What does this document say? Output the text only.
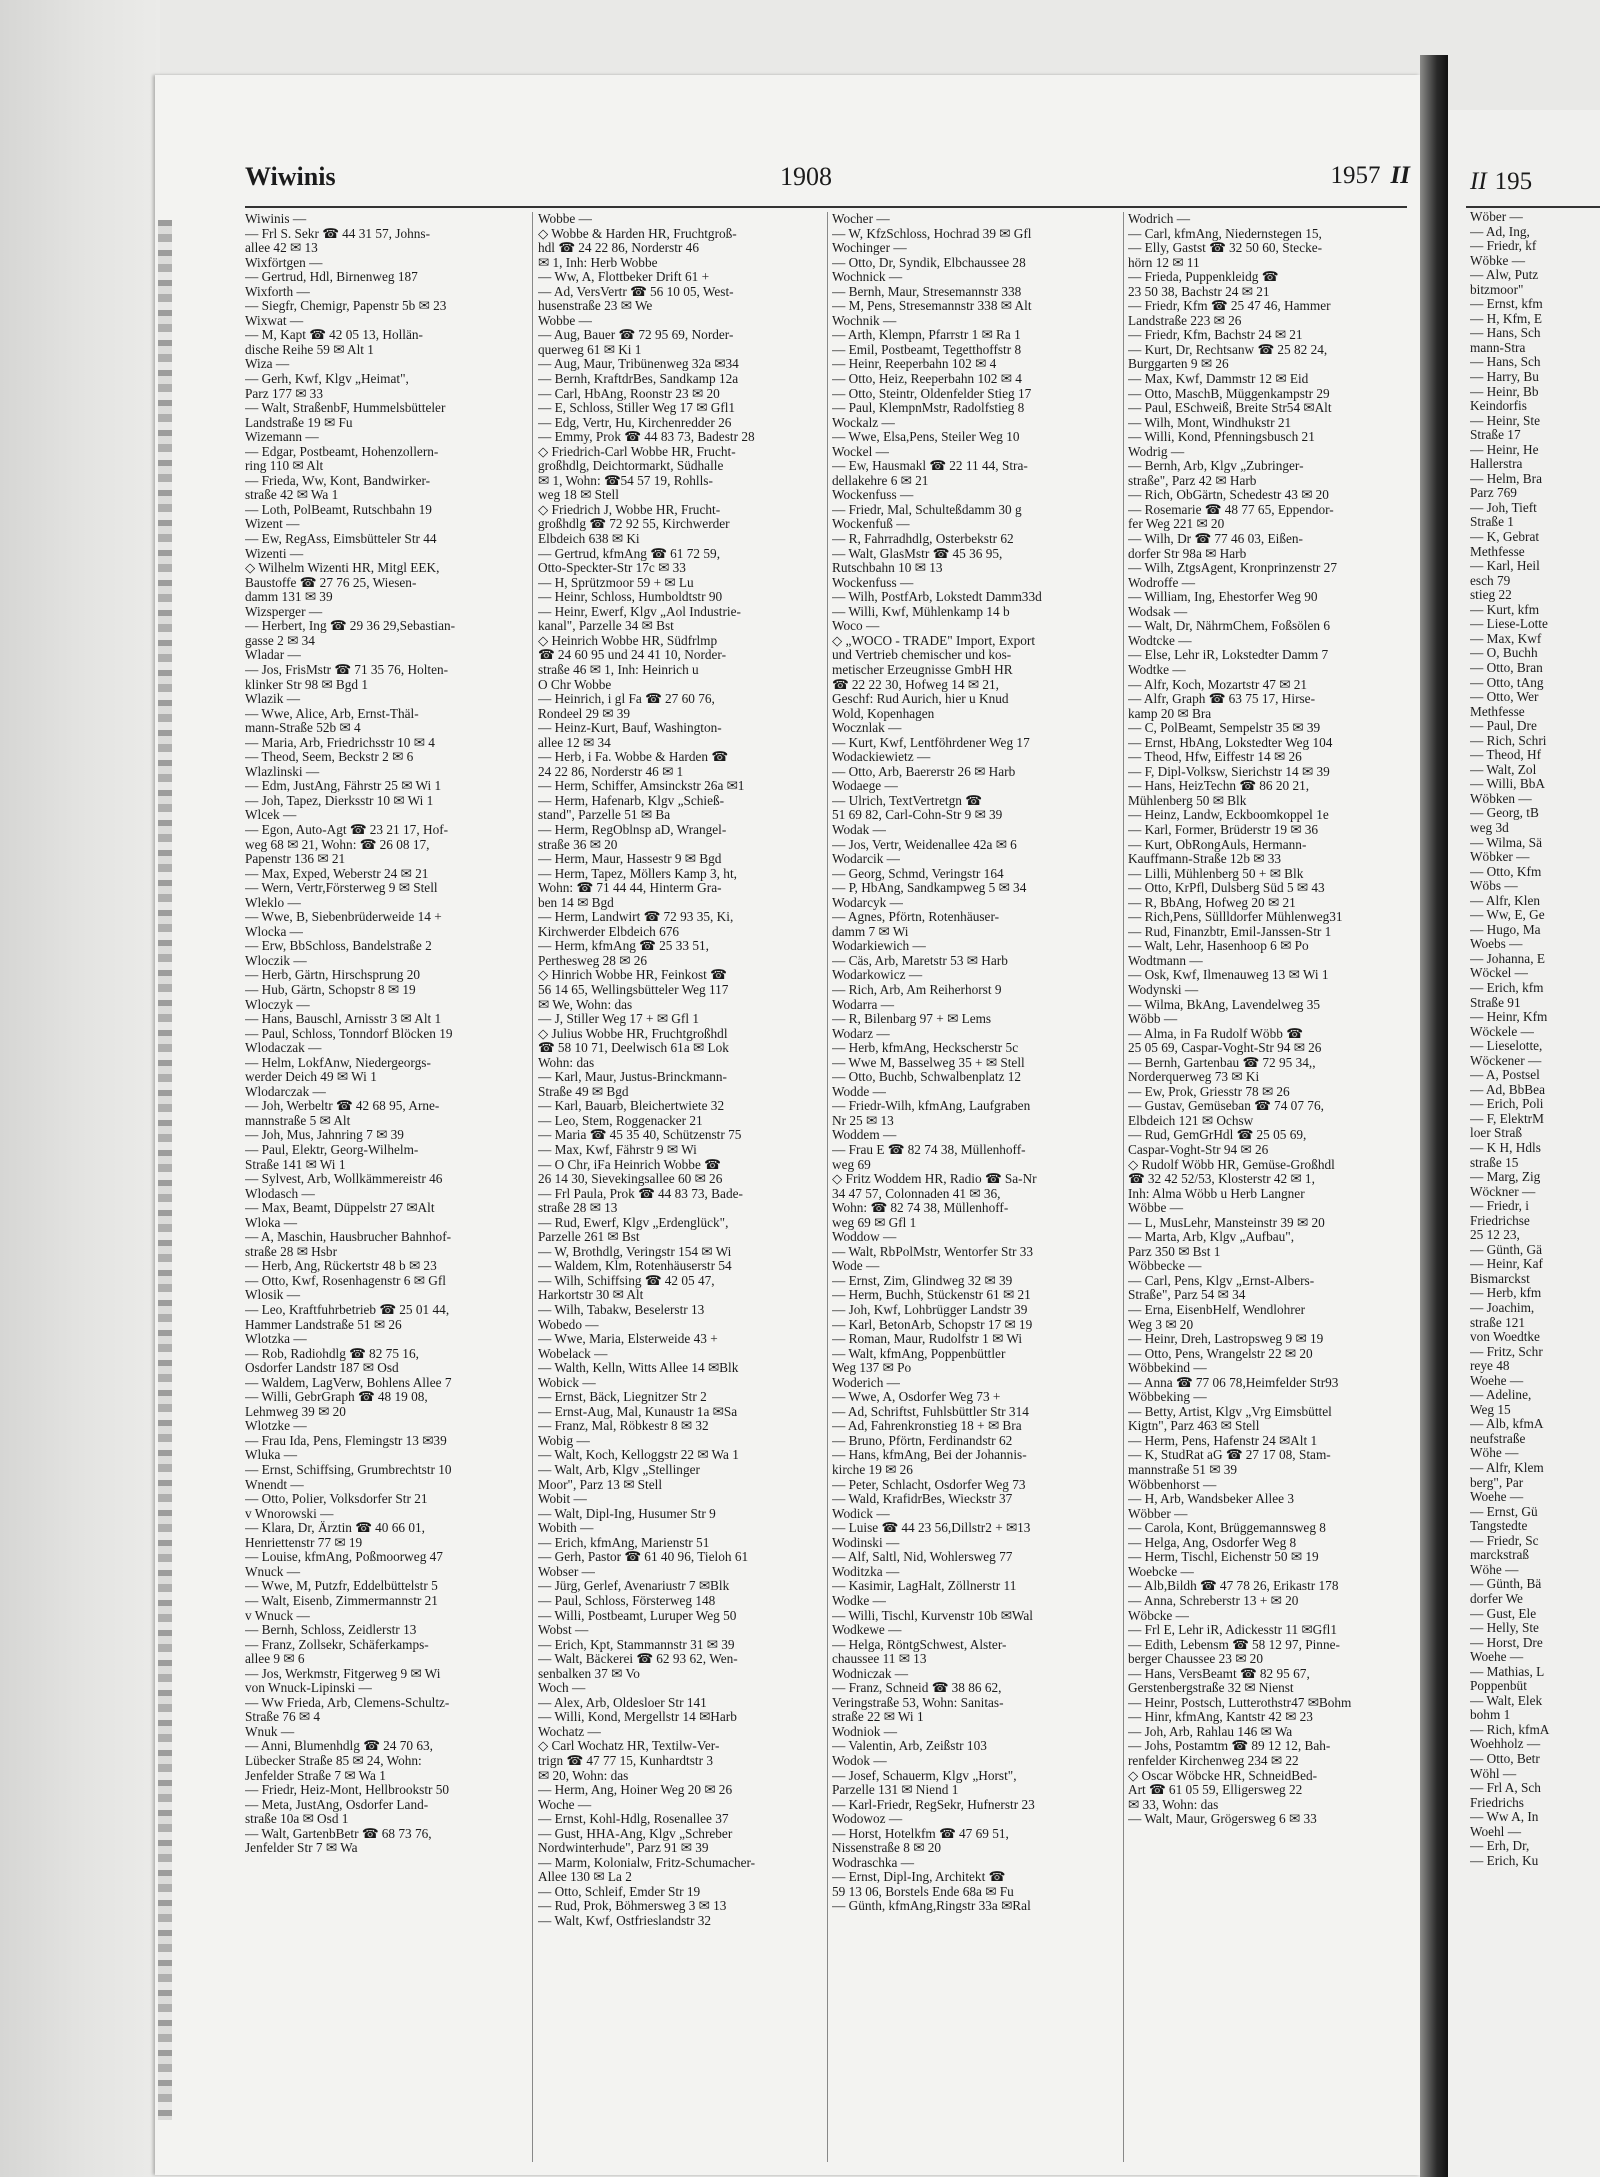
Wiwinis	1908	1957 II
Wiwinis —
— Frl S. Sekr ☎ 44 31 57, Johns-
allee 42 ✉ 13
Wixförtgen —
— Gertrud, Hdl, Birnenweg 187
Wixforth —
— Siegfr, Chemigr, Papenstr 5b ✉ 23
Wixwat —
— M, Kapt ☎ 42 05 13, Hollän-
dische Reihe 59 ✉ Alt 1
Wiza —
— Gerh, Kwf, Klgv „Heimat",
Parz 177 ✉ 33
— Walt, StraßenbF, Hummelsbütteler
Landstraße 19 ✉ Fu
Wizemann —
— Edgar, Postbeamt, Hohenzollern-
ring 110 ✉ Alt
— Frieda, Ww, Kont, Bandwirker-
straße 42 ✉ Wa 1
— Loth, PolBeamt, Rutschbahn 19
Wizent —
— Ew, RegAss, Eimsbütteler Str 44
Wizenti —
◇ Wilhelm Wizenti HR, Mitgl EEK,
Baustoffe ☎ 27 76 25, Wiesen-
damm 131 ✉ 39
Wizsperger —
— Herbert, Ing ☎ 29 36 29,Sebastian-
gasse 2 ✉ 34
Wladar —
— Jos, FrisMstr ☎ 71 35 76, Holten-
klinker Str 98 ✉ Bgd 1
Wlazik —
— Wwe, Alice, Arb, Ernst-Thäl-
mann-Straße 52b ✉ 4
— Maria, Arb, Friedrichsstr 10 ✉ 4
— Theod, Seem, Beckstr 2 ✉ 6
Wlazlinski —
— Edm, JustAng, Fährstr 25 ✉ Wi 1
— Joh, Tapez, Dierksstr 10 ✉ Wi 1
Wlcek —
— Egon, Auto-Agt ☎ 23 21 17, Hof-
weg 68 ✉ 21, Wohn: ☎ 26 08 17,
Papenstr 136 ✉ 21
— Max, Exped, Weberstr 24 ✉ 21
— Wern, Vertr,Försterweg 9 ✉ Stell
Wleklo —
— Wwe, B, Siebenbrüderweide 14 +
Wlocka —
— Erw, BbSchloss, Bandelstraße 2
Wloczik —
— Herb, Gärtn, Hirschsprung 20
— Hub, Gärtn, Schopstr 8 ✉ 19
Wloczyk —
— Hans, Bauschl, Arnisstr 3 ✉ Alt 1
— Paul, Schloss, Tonndorf Blöcken 19
Wlodaczak —
— Helm, LokfAnw, Niedergeorgs-
werder Deich 49 ✉ Wi 1
Wlodarczak —
— Joh, Werbeltr ☎ 42 68 95, Arne-
mannstraße 5 ✉ Alt
— Joh, Mus, Jahnring 7 ✉ 39
— Paul, Elektr, Georg-Wilhelm-
Straße 141 ✉ Wi 1
— Sylvest, Arb, Wollkämmereistr 46
Wlodasch —
— Max, Beamt, Düppelstr 27 ✉Alt
Wloka —
— A, Maschin, Hausbrucher Bahnhof-
straße 28 ✉ Hsbr
— Herb, Ang, Rückertstr 48 b ✉ 23
— Otto, Kwf, Rosenhagenstr 6 ✉ Gfl
Wlosik —
— Leo, Kraftfuhrbetrieb ☎ 25 01 44,
Hammer Landstraße 51 ✉ 26
Wlotzka —
— Rob, Radiohdlg ☎ 82 75 16,
Osdorfer Landstr 187 ✉ Osd
— Waldem, LagVerw, Bohlens Allee 7
— Willi, GebrGraph ☎ 48 19 08,
Lehmweg 39 ✉ 20
Wlotzke —
— Frau Ida, Pens, Flemingstr 13 ✉39
Wluka —
— Ernst, Schiffsing, Grumbrechtstr 10
Wnendt —
— Otto, Polier, Volksdorfer Str 21
v Wnorowski —
— Klara, Dr, Ärztin ☎ 40 66 01,
Henriettenstr 77 ✉ 19
— Louise, kfmAng, Poßmoorweg 47
Wnuck —
— Wwe, M, Putzfr, Eddelbüttelstr 5
— Walt, Eisenb, Zimmermannstr 21
v Wnuck —
— Bernh, Schloss, Zeidlerstr 13
— Franz, Zollsekr, Schäferkamps-
allee 9 ✉ 6
— Jos, Werkmstr, Fitgerweg 9 ✉ Wi
von Wnuck-Lipinski —
— Ww Frieda, Arb, Clemens-Schultz-
Straße 76 ✉ 4
Wnuk —
— Anni, Blumenhdlg ☎ 24 70 63,
Lübecker Straße 85 ✉ 24, Wohn:
Jenfelder Straße 7 ✉ Wa 1
— Friedr, Heiz-Mont, Hellbrookstr 50
— Meta, JustAng, Osdorfer Land-
straße 10a ✉ Osd 1
— Walt, GartenbBetr ☎ 68 73 76,
Jenfelder Str 7 ✉ Wa
Wobbe —
◇ Wobbe & Harden HR, Fruchtgroß-
hdl ☎ 24 22 86, Norderstr 46
✉ 1, Inh: Herb Wobbe
— Ww, A, Flottbeker Drift 61 +
— Ad, VersVertr ☎ 56 10 05, West-
husenstraße 23 ✉ We
Wobbe —
— Aug, Bauer ☎ 72 95 69, Norder-
querweg 61 ✉ Ki 1
— Aug, Maur, Tribünenweg 32a ✉34
— Bernh, KraftdrBes, Sandkamp 12a
— Carl, HbAng, Roonstr 23 ✉ 20
— E, Schloss, Stiller Weg 17 ✉ Gfl1
— Edg, Vertr, Hu, Kirchenredder 26
— Emmy, Prok ☎ 44 83 73, Badestr 28
◇ Friedrich-Carl Wobbe HR, Frucht-
großhdlg, Deichtormarkt, Südhalle
✉ 1, Wohn: ☎54 57 19, Rohlls-
weg 18 ✉ Stell
◇ Friedrich J, Wobbe HR, Frucht-
großhdlg ☎ 72 92 55, Kirchwerder
Elbdeich 638 ✉ Ki
— Gertrud, kfmAng ☎ 61 72 59,
Otto-Speckter-Str 17c ✉ 33
— H, Sprützmoor 59 + ✉ Lu
— Heinr, Schloss, Humboldtstr 90
— Heinr, Ewerf, Klgv „Aol Industrie-
kanal", Parzelle 34 ✉ Bst
◇ Heinrich Wobbe HR, Südfrlmp
☎ 24 60 95 und 24 41 10, Norder-
straße 46 ✉ 1, Inh: Heinrich u
O Chr Wobbe
— Heinrich, i gl Fa ☎ 27 60 76,
Rondeel 29 ✉ 39
— Heinz-Kurt, Bauf, Washington-
allee 12 ✉ 34
— Herb, i Fa. Wobbe & Harden ☎
24 22 86, Norderstr 46 ✉ 1
— Herm, Schiffer, Amsinckstr 26a ✉1
— Herm, Hafenarb, Klgv „Schieß-
stand", Parzelle 51 ✉ Ba
— Herm, RegOblnsp aD, Wrangel-
straße 36 ✉ 20
— Herm, Maur, Hassestr 9 ✉ Bgd
— Herm, Tapez, Möllers Kamp 3, ht,
Wohn: ☎ 71 44 44, Hinterm Gra-
ben 14 ✉ Bgd
— Herm, Landwirt ☎ 72 93 35, Ki,
Kirchwerder Elbdeich 676
— Herm, kfmAng ☎ 25 33 51,
Perthesweg 28 ✉ 26
◇ Hinrich Wobbe HR, Feinkost ☎
56 14 65, Wellingsbütteler Weg 117
✉ We, Wohn: das
— J, Stiller Weg 17 + ✉ Gfl 1
◇ Julius Wobbe HR, Fruchtgroßhdl
☎ 58 10 71, Deelwisch 61a ✉ Lok
Wohn: das
— Karl, Maur, Justus-Brinckmann-
Straße 49 ✉ Bgd
— Karl, Bauarb, Bleichertwiete 32
— Leo, Stem, Roggenacker 21
— Maria ☎ 45 35 40, Schützenstr 75
— Max, Kwf, Fährstr 9 ✉ Wi
— O Chr, iFa Heinrich Wobbe ☎
26 14 30, Sievekingsallee 60 ✉ 26
— Frl Paula, Prok ☎ 44 83 73, Bade-
straße 28 ✉ 13
— Rud, Ewerf, Klgv „Erdenglück",
Parzelle 261 ✉ Bst
— W, Brothdlg, Veringstr 154 ✉ Wi
— Waldem, Klm, Rotenhäuserstr 54
— Wilh, Schiffsing ☎ 42 05 47,
Harkortstr 30 ✉ Alt
— Wilh, Tabakw, Beselerstr 13
Wobedo —
— Wwe, Maria, Elsterweide 43 +
Wobelack —
— Walth, Kelln, Witts Allee 14 ✉Blk
Wobick —
— Ernst, Bäck, Liegnitzer Str 2
— Ernst-Aug, Mal, Kunaustr 1a ✉Sa
— Franz, Mal, Röbkestr 8 ✉ 32
Wobig —
— Walt, Koch, Kelloggstr 22 ✉ Wa 1
— Walt, Arb, Klgv „Stellinger
Moor", Parz 13 ✉ Stell
Wobit —
— Walt, Dipl-Ing, Husumer Str 9
Wobith —
— Erich, kfmAng, Marienstr 51
— Gerh, Pastor ☎ 61 40 96, Tieloh 61
Wobser —
— Jürg, Gerlef, Avenariustr 7 ✉Blk
— Paul, Schloss, Försterweg 148
— Willi, Postbeamt, Luruper Weg 50
Wobst —
— Erich, Kpt, Stammannstr 31 ✉ 39
— Walt, Bäckerei ☎ 62 93 62, Wen-
senbalken 37 ✉ Vo
Woch —
— Alex, Arb, Oldesloer Str 141
— Willi, Kond, Mergellstr 14 ✉Harb
Wochatz —
◇ Carl Wochatz HR, Textilw-Ver-
trign ☎ 47 77 15, Kunhardtstr 3
✉ 20, Wohn: das
— Herm, Ang, Hoiner Weg 20 ✉ 26
Woche —
— Ernst, Kohl-Hdlg, Rosenallee 37
— Gust, HHA-Ang, Klgv „Schreber
Nordwinterhude", Parz 91 ✉ 39
— Marm, Kolonialw, Fritz-Schumacher-
Allee 130 ✉ La 2
— Otto, Schleif, Emder Str 19
— Rud, Prok, Böhmersweg 3 ✉ 13
— Walt, Kwf, Ostfrieslandstr 32
Wocher —
— W, KfzSchloss, Hochrad 39 ✉ Gfl
Wochinger —
— Otto, Dr, Syndik, Elbchaussee 28
Wochnick —
— Bernh, Maur, Stresemannstr 338
— M, Pens, Stresemannstr 338 ✉ Alt
Wochnik —
— Arth, Klempn, Pfarrstr 1 ✉ Ra 1
— Emil, Postbeamt, Tegetthoffstr 8
— Heinr, Reeperbahn 102 ✉ 4
— Otto, Heiz, Reeperbahn 102 ✉ 4
— Otto, Steintr, Oldenfelder Stieg 17
— Paul, KlempnMstr, Radolfstieg 8
Wockalz —
— Wwe, Elsa,Pens, Steiler Weg 10
Wockel —
— Ew, Hausmakl ☎ 22 11 44, Stra-
dellakehre 6 ✉ 21
Wockenfuss —
— Friedr, Mal, Schulteßdamm 30 g
Wockenfuß —
— R, Fahrradhdlg, Osterbekstr 62
— Walt, GlasMstr ☎ 45 36 95,
Rutschbahn 10 ✉ 13
Wockenfuss —
— Wilh, PostfArb, Lokstedt Damm33d
— Willi, Kwf, Mühlenkamp 14 b
Woco —
◇ „WOCO - TRADE" Import, Export
und Vertrieb chemischer und kos-
metischer Erzeugnisse GmbH HR
☎ 22 22 30, Hofweg 14 ✉ 21,
Geschf: Rud Aurich, hier u Knud
Wold, Kopenhagen
Wocznlak —
— Kurt, Kwf, Lentföhrdener Weg 17
Wodackiewietz —
— Otto, Arb, Baererstr 26 ✉ Harb
Wodaege —
— Ulrich, TextVertretgn ☎
51 69 82, Carl-Cohn-Str 9 ✉ 39
Wodak —
— Jos, Vertr, Weidenallee 42a ✉ 6
Wodarcik —
— Georg, Schmd, Veringstr 164
— P, HbAng, Sandkampweg 5 ✉ 34
Wodarcyk —
— Agnes, Pförtn, Rotenhäuser-
damm 7 ✉ Wi
Wodarkiewich —
— Cäs, Arb, Maretstr 53 ✉ Harb
Wodarkowicz —
— Rich, Arb, Am Reiherhorst 9
Wodarra —
— R, Bilenbarg 97 + ✉ Lems
Wodarz —
— Herb, kfmAng, Heckscherstr 5c
— Wwe M, Basselweg 35 + ✉ Stell
— Otto, Buchb, Schwalbenplatz 12
Wodde —
— Friedr-Wilh, kfmAng, Laufgraben
Nr 25 ✉ 13
Woddem —
— Frau E ☎ 82 74 38, Müllenhoff-
weg 69
◇ Fritz Woddem HR, Radio ☎ Sa-Nr
34 47 57, Colonnaden 41 ✉ 36,
Wohn: ☎ 82 74 38, Müllenhoff-
weg 69 ✉ Gfl 1
Woddow —
— Walt, RbPolMstr, Wentorfer Str 33
Wode —
— Ernst, Zim, Glindweg 32 ✉ 39
— Herm, Buchh, Stückenstr 61 ✉ 21
— Joh, Kwf, Lohbrügger Landstr 39
— Karl, BetonArb, Schopstr 17 ✉ 19
— Roman, Maur, Rudolfstr 1 ✉ Wi
— Walt, kfmAng, Poppenbüttler
Weg 137 ✉ Po
Woderich —
— Wwe, A, Osdorfer Weg 73 +
— Ad, Schriftst, Fuhlsbüttler Str 314
— Ad, Fahrenkronstieg 18 + ✉ Bra
— Bruno, Pförtn, Ferdinandstr 62
— Hans, kfmAng, Bei der Johannis-
kirche 19 ✉ 26
— Peter, Schlacht, Osdorfer Weg 73
— Wald, KrafidrBes, Wieckstr 37
Wodick —
— Luise ☎ 44 23 56,Dillstr2 + ✉13
Wodinski —
— Alf, Saltl, Nid, Wohlersweg 77
Woditzka —
— Kasimir, LagHalt, Zöllnerstr 11
Wodke —
— Willi, Tischl, Kurvenstr 10b ✉Wal
Wodkewe —
— Helga, RöntgSchwest, Alster-
chaussee 11 ✉ 13
Wodniczak —
— Franz, Schneid ☎ 38 86 62,
Veringstraße 53, Wohn: Sanitas-
straße 22 ✉ Wi 1
Wodniok —
— Valentin, Arb, Zeißstr 103
Wodok —
— Josef, Schauerm, Klgv „Horst",
Parzelle 131 ✉ Niend 1
— Karl-Friedr, RegSekr, Hufnerstr 23
Wodowoz —
— Horst, Hotelkfm ☎ 47 69 51,
Nissenstraße 8 ✉ 20
Wodraschka —
— Ernst, Dipl-Ing, Architekt ☎
59 13 06, Borstels Ende 68a ✉ Fu
— Günth, kfmAng,Ringstr 33a ✉Ral
Wodrich —
— Carl, kfmAng, Niedernstegen 15,
— Elly, Gastst ☎ 32 50 60, Stecke-
hörn 12 ✉ 11
— Frieda, Puppenkleidg ☎
23 50 38, Bachstr 24 ✉ 21
— Friedr, Kfm ☎ 25 47 46, Hammer
Landstraße 223 ✉ 26
— Friedr, Kfm, Bachstr 24 ✉ 21
— Kurt, Dr, Rechtsanw ☎ 25 82 24,
Burggarten 9 ✉ 26
— Max, Kwf, Dammstr 12 ✉ Eid
— Otto, MaschB, Müggenkampstr 29
— Paul, ESchweiß, Breite Str54 ✉Alt
— Wilh, Mont, Windhukstr 21
— Willi, Kond, Pfenningsbusch 21
Wodrig —
— Bernh, Arb, Klgv „Zubringer-
straße", Parz 42 ✉ Harb
— Rich, ObGärtn, Schedestr 43 ✉ 20
— Rosemarie ☎ 48 77 65, Eppendor-
fer Weg 221 ✉ 20
— Wilh, Dr ☎ 77 46 03, Eißen-
dorfer Str 98a ✉ Harb
— Wilh, ZtgsAgent, Kronprinzenstr 27
Wodroffe —
— William, Ing, Ehestorfer Weg 90
Wodsak —
— Walt, Dr, NährmChem, Foßsölen 6
Wodtcke —
— Else, Lehr iR, Lokstedter Damm 7
Wodtke —
— Alfr, Koch, Mozartstr 47 ✉ 21
— Alfr, Graph ☎ 63 75 17, Hirse-
kamp 20 ✉ Bra
— C, PolBeamt, Sempelstr 35 ✉ 39
— Ernst, HbAng, Lokstedter Weg 104
— Theod, Hfw, Eiffestr 14 ✉ 26
— F, Dipl-Volksw, Sierichstr 14 ✉ 39
— Hans, HeizTechn ☎ 86 20 21,
Mühlenberg 50 ✉ Blk
— Heinz, Landw, Eckboomkoppel 1e
— Karl, Former, Brüderstr 19 ✉ 36
— Kurt, ObRongAuls, Hermann-
Kauffmann-Straße 12b ✉ 33
— Lilli, Mühlenberg 50 + ✉ Blk
— Otto, KrPfl, Dulsberg Süd 5 ✉ 43
— R, BbAng, Hofweg 20 ✉ 21
— Rich,Pens, Süllldorfer Mühlenweg31
— Rud, Finanzbtr, Emil-Janssen-Str 1
— Walt, Lehr, Hasenhoop 6 ✉ Po
Wodtmann —
— Osk, Kwf, Ilmenauweg 13 ✉ Wi 1
Wodynski —
— Wilma, BkAng, Lavendelweg 35
Wöbb —
— Alma, in Fa Rudolf Wöbb ☎
25 05 69, Caspar-Voght-Str 94 ✉ 26
— Bernh, Gartenbau ☎ 72 95 34,,
Norderquerweg 73 ✉ Ki
— Ew, Prok, Griesstr 78 ✉ 26
— Gustav, Gemüseban ☎ 74 07 76,
Elbdeich 121 ✉ Ochsw
— Rud, GemGrHdl ☎ 25 05 69,
Caspar-Voght-Str 94 ✉ 26
◇ Rudolf Wöbb HR, Gemüse-Großhdl
☎ 32 42 52/53, Klosterstr 42 ✉ 1,
Inh: Alma Wöbb u Herb Langner
Wöbbe —
— L, MusLehr, Mansteinstr 39 ✉ 20
— Marta, Arb, Klgv „Aufbau",
Parz 350 ✉ Bst 1
Wöbbecke —
— Carl, Pens, Klgv „Ernst-Albers-
Straße", Parz 54 ✉ 34
— Erna, EisenbHelf, Wendlohrer
Weg 3 ✉ 20
— Heinr, Dreh, Lastropsweg 9 ✉ 19
— Otto, Pens, Wrangelstr 22 ✉ 20
Wöbbekind —
— Anna ☎ 77 06 78,Heimfelder Str93
Wöbbeking —
— Betty, Artist, Klgv „Vrg Eimsbüttel
Kigtn", Parz 463 ✉ Stell
— Herm, Pens, Hafenstr 24 ✉Alt 1
— K, StudRat aG ☎ 27 17 08, Stam-
mannstraße 51 ✉ 39
Wöbbenhorst —
— H, Arb, Wandsbeker Allee 3
Wöbber —
— Carola, Kont, Brüggemannsweg 8
— Helga, Ang, Osdorfer Weg 8
— Herm, Tischl, Eichenstr 50 ✉ 19
Woebcke —
— Alb,Bildh ☎ 47 78 26, Erikastr 178
— Anna, Schreberstr 13 + ✉ 20
Wöbcke —
— Frl E, Lehr iR, Adickesstr 11 ✉Gfl1
— Edith, Lebensm ☎ 58 12 97, Pinne-
berger Chaussee 23 ✉ 20
— Hans, VersBeamt ☎ 82 95 67,
Gerstenbergstraße 32 ✉ Nienst
— Heinr, Postsch, Lutterothstr47 ✉Bohm
— Hinr, kfmAng, Kantstr 42 ✉ 23
— Joh, Arb, Rahlau 146 ✉ Wa
— Johs, Postamtm ☎ 89 12 12, Bah-
renfelder Kirchenweg 234 ✉ 22
◇ Oscar Wöbcke HR, SchneidBed-
Art ☎ 61 05 59, Elligersweg 22
✉ 33, Wohn: das
— Walt, Maur, Grögersweg 6 ✉ 33
II 195
Wöber —
— Ad, Ing,
— Friedr, kf
Wöbke —
— Alw, Putz
bitzmoor"
— Ernst, kfm
— H, Kfm, E
— Hans, Sch
mann-Stra
— Hans, Sch
— Harry, Bu
— Heinr, Bb
Keindorfis
— Heinr, Ste
Straße 17
— Heinr, He
Hallerstra
— Helm, Bra
Parz 769
— Joh, Tieft
Straße 1
— K, Gebrat
Methfesse
— Karl, Heil
esch 79
stieg 22
— Kurt, kfm
— Liese-Lotte
— Max, Kwf
— O, Buchh
— Otto, Bran
— Otto, tAng
— Otto, Wer
Methfesse
— Paul, Dre
— Rich, Schri
— Theod, Hf
— Walt, Zol
— Willi, BbA
Wöbken —
— Georg, tB
weg 3d
— Wilma, Sä
Wöbker —
— Otto, Kfm
Wöbs —
— Alfr, Klen
— Ww, E, Ge
— Hugo, Ma
Woebs —
— Johanna, E
Wöckel —
— Erich, kfm
Straße 91
— Heinr, Kfm
Wöckele —
— Lieselotte,
Wöckener —
— A, Postsel
— Ad, BbBea
— Erich, Poli
— F, ElektrM
loer Straß
— K H, Hdls
straße 15
— Marg, Zig
Wöckner —
— Friedr, i
Friedrichse
25 12 23,
— Günth, Gä
— Heinr, Kaf
Bismarckst
— Herb, kfm
— Joachim,
straße 121
von Woedtke
— Fritz, Schr
reye 48
Woehe —
— Adeline,
Weg 15
— Alb, kfmA
neufstraße
Wöhe —
— Alfr, Klem
berg", Par
Woehe —
— Ernst, Gü
Tangstedte
— Friedr, Sc
marckstraß
Wöhe —
— Günth, Bä
dorfer We
— Gust, Ele
— Helly, Ste
— Horst, Dre
Woehe —
— Mathias, L
Poppenbüt
— Walt, Elek
bohm 1
— Rich, kfmA
Woehholz —
— Otto, Betr
Wöhl —
— Frl A, Sch
Friedrichs
— Ww A, In
Woehl —
— Erh, Dr,
— Erich, Ku
